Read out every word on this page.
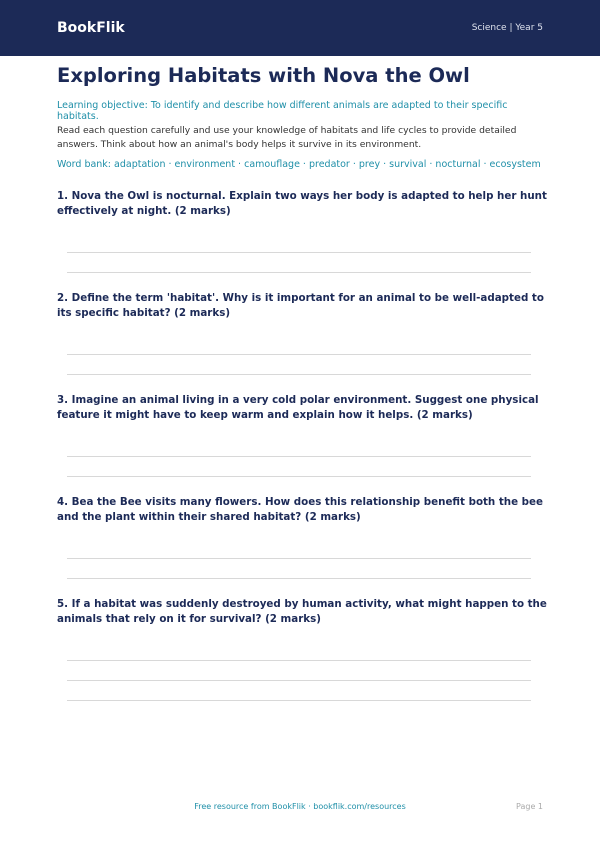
BookFlik	Science | Year 5
Exploring Habitats with Nova the Owl

Learning objective: To identify and describe how different animals are adapted to their specific habitats.

Read each question carefully and use your knowledge of habitats and life cycles to provide detailed answers. Think about how an animal's body helps it survive in its environment.

Word bank: adaptation · environment · camouflage · predator · prey · survival · nocturnal · ecosystem

1. Nova the Owl is nocturnal. Explain two ways her body is adapted to help her hunt effectively at night. (2 marks)

2. Define the term 'habitat'. Why is it important for an animal to be well-adapted to its specific habitat? (2 marks)

3. Imagine an animal living in a very cold polar environment. Suggest one physical feature it might have to keep warm and explain how it helps. (2 marks)

4. Bea the Bee visits many flowers. How does this relationship benefit both the bee and the plant within their shared habitat? (2 marks)

5. If a habitat was suddenly destroyed by human activity, what might happen to the animals that rely on it for survival? (2 marks)

Free resource from BookFlik · bookflik.com/resources	Page 1
